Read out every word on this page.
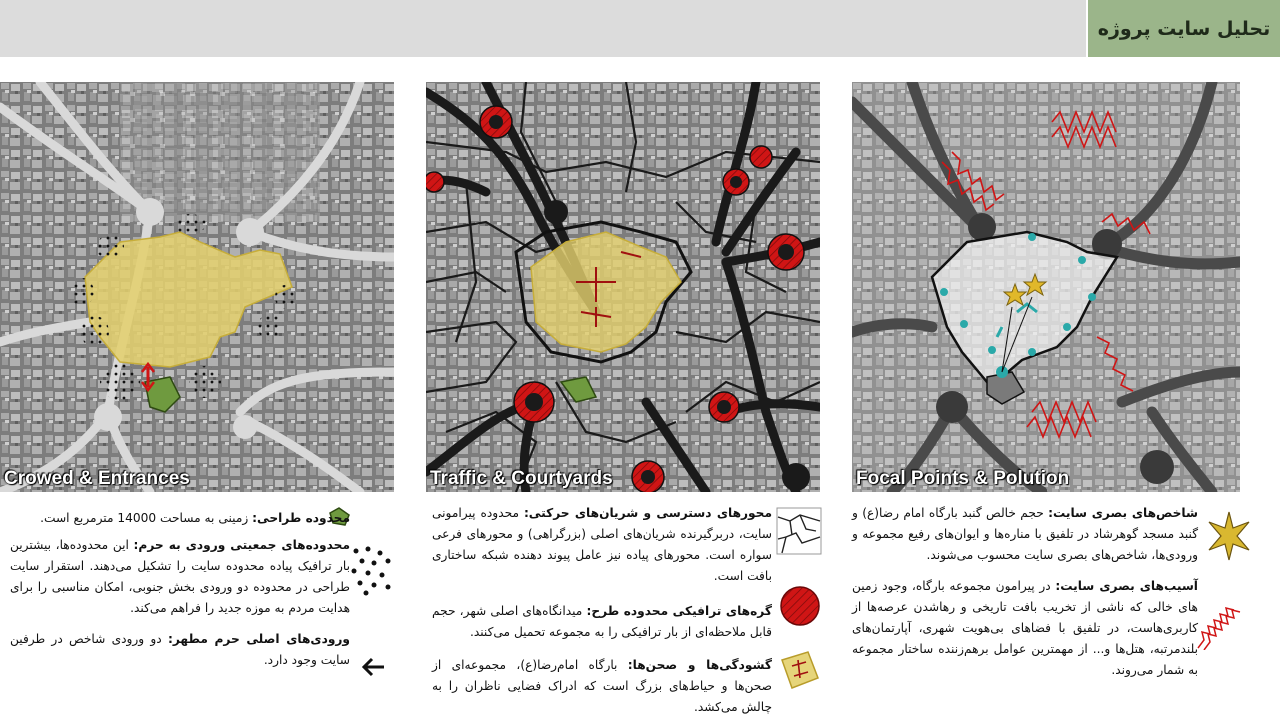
تحلیل سایت پروژه
Crowed & Entrances	Traffic & Courtyards	Focal Points & Polution
محدوده طراحی: زمینی به مساحت 14000 مترمربع است.
محدوده‌های جمعیتی ورودی به حرم: این محدوده‌ها، بیشترین بار ترافیک پیاده محدوده سایت را تشکیل می‌دهند. استقرار سایت طراحی در محدوده دو ورودی بخش جنوبی، امکان مناسبی را برای هدایت مردم به موزه جدید را فراهم می‌کند.
ورودی‌های اصلی حرم مطهر: دو ورودی شاخص در طرفین سایت وجود دارد.
محورهای دسترسی و شریان‌های حرکتی: محدوده پیرامونی سایت، دربرگیرنده شریان‌های اصلی (بزرگراهی) و محورهای فرعی سواره است. محورهای پیاده نیز عامل پیوند دهنده شبکه ساختاری بافت است.
گره‌های ترافیکی محدوده طرح: میدانگاه‌های اصلی شهر، حجم قابل ملاحظه‌ای از بار ترافیکی را به مجموعه تحمیل می‌کنند.
گشودگی‌ها و صحن‌ها: بارگاه امام‌رضا(ع)، مجموعه‌ای از صحن‌ها و حیاط‌های بزرگ است که ادراک فضایی ناظران را به چالش می‌کشد.
شاخص‌های بصری سایت: حجم خالص گنبد بارگاه امام رضا(ع) و گنبد مسجد گوهرشاد در تلفیق با مناره‌ها و ایوان‌های رفیع مجموعه و ورودی‌ها، شاخص‌های بصری سایت محسوب می‌شوند.
آسیب‌های بصری سایت: در پیرامون مجموعه بارگاه، وجود زمین های خالی که ناشی از تخریب بافت تاریخی و رهاشدن عرصه‌ها از کاربری‌هاست، در تلفیق با فضاهای بی‌هویت شهری، آپارتمان‌های بلندمرتبه، هتل‌ها و... از مهمترین عوامل برهم‌زننده ساختار مجموعه به شمار می‌روند.
